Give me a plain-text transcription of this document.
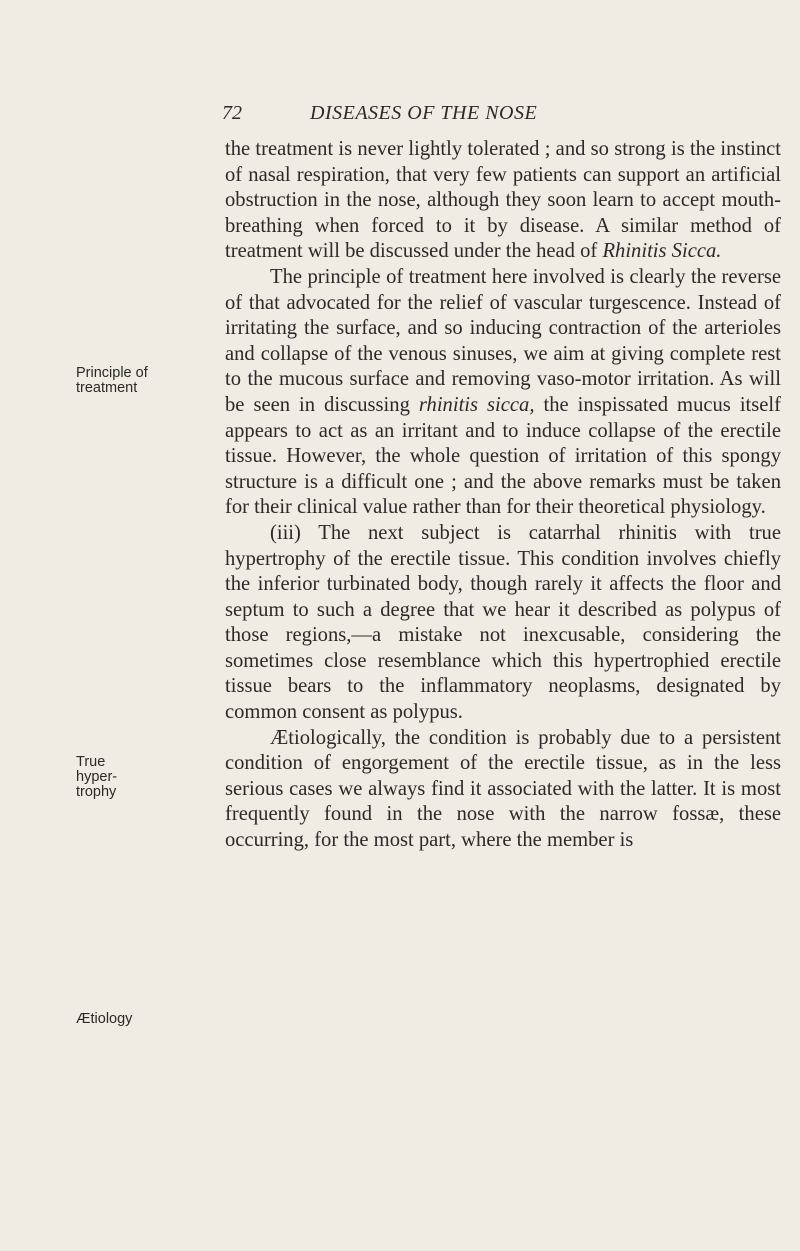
72	DISEASES OF THE NOSE
Principle of
treatment
True
hyper-
trophy
Ætiology

the treatment is never lightly tolerated ; and so strong is the instinct of nasal respiration, that very few patients can support an artificial obstruction in the nose, although they soon learn to accept mouth-breathing when forced to it by disease. A similar method of treatment will be discussed under the head of Rhinitis Sicca.

The principle of treatment here involved is clearly the reverse of that advocated for the relief of vascular turgescence. Instead of irritating the surface, and so inducing contraction of the arterioles and collapse of the venous sinuses, we aim at giving complete rest to the mucous surface and removing vaso-motor irritation. As will be seen in discussing rhinitis sicca, the inspissated mucus itself appears to act as an irritant and to induce collapse of the erectile tissue. However, the whole question of irritation of this spongy structure is a difficult one ; and the above remarks must be taken for their clinical value rather than for their theoretical physiology.

(iii) The next subject is catarrhal rhinitis with true hypertrophy of the erectile tissue. This condition involves chiefly the inferior turbinated body, though rarely it affects the floor and septum to such a degree that we hear it described as polypus of those regions,—a mistake not inexcusable, considering the sometimes close resemblance which this hypertrophied erectile tissue bears to the inflammatory neoplasms, designated by common consent as polypus.

Ætiologically, the condition is probably due to a persistent condition of engorgement of the erectile tissue, as in the less serious cases we always find it associated with the latter. It is most frequently found in the nose with the narrow fossæ, these occurring, for the most part, where the member is
